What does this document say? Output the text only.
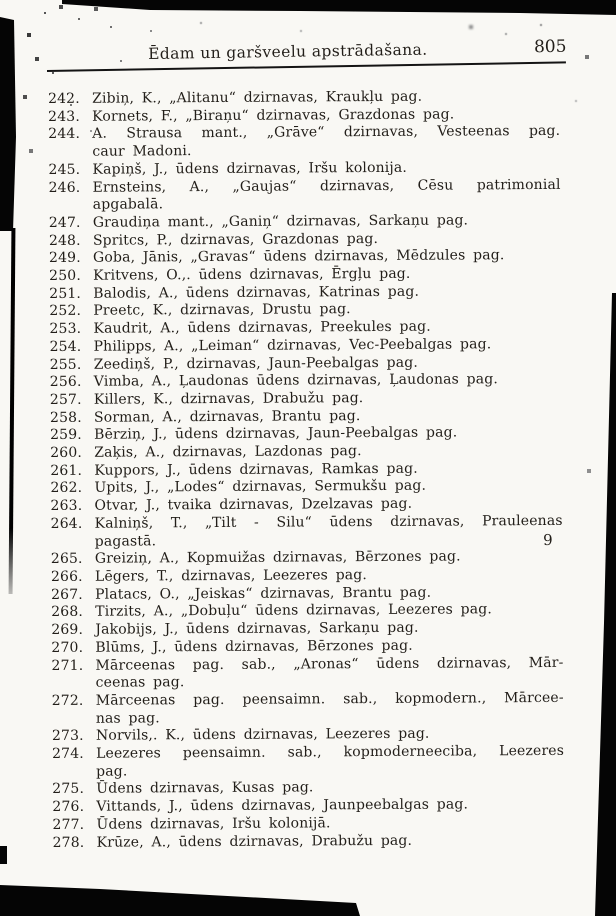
Ēdam un garšveelu apstrādašana.	805
242. Zibiņ, K., „Alitanu“ dzirnavas, Kraukļu pag.
243. Kornets, F., „Biraņu“ dzirnavas, Grazdonas pag.
244. A. Strausa mant., „Grāve“ dzirnavas, Vesteenas pag.
caur Madoni.
245. Kapiņš, J., ūdens dzirnavas, Iršu kolonija.
246. Ernsteins, A., „Gaujas“ dzirnavas, Cēsu patrimonial
apgabalā.
247. Graudiņa mant., „Ganiņ“ dzirnavas, Sarkaņu pag.
248. Spritcs, P., dzirnavas, Grazdonas pag.
249. Goba, Jānis, „Gravas“ ūdens dzirnavas, Mēdzules pag.
250. Kritvens, O.,. ūdens dzirnavas, Ērgļu pag.
251. Balodis, A., ūdens dzirnavas, Katrinas pag.
252. Preetc, K., dzirnavas, Drustu pag.
253. Kaudrit, A., ūdens dzirnavas, Preekules pag.
254. Philipps, A., „Leiman“ dzirnavas, Vec-Peebalgas pag.
255. Zeediņš, P., dzirnavas, Jaun-Peebalgas pag.
256. Vimba, A., Ļaudonas ūdens dzirnavas, Ļaudonas pag.
257. Killers, K., dzirnavas, Drabužu pag.
258. Sorman, A., dzirnavas, Brantu pag.
259. Bērziņ, J., ūdens dzirnavas, Jaun-Peebalgas pag.
260. Zaķis, A., dzirnavas, Lazdonas pag.
261. Kuppors, J., ūdens dzirnavas, Ramkas pag.
262. Upits, J., „Lodes“ dzirnavas, Sermukšu pag.
263. Otvar, J., tvaika dzirnavas, Dzelzavas pag.
264. Kalniņš, T., „Tilt - Silu“ ūdens dzirnavas, Prauleenas
pagastā.	9
265. Greiziņ, A., Kopmuižas dzirnavas, Bērzones pag.
266. Lēgers, T., dzirnavas, Leezeres pag.
267. Platacs, O., „Jeiskas“ dzirnavas, Brantu pag.
268. Tirzits, A., „Dobuļu“ ūdens dzirnavas, Leezeres pag.
269. Jakobijs, J., ūdens dzirnavas, Sarkaņu pag.
270. Blūms, J., ūdens dzirnavas, Bērzones pag.
271. Mārceenas pag. sab., „Aronas“ ūdens dzirnavas, Mār-
ceenas pag.
272. Mārceenas pag. peensaimn. sab., kopmodern., Mārcee-
nas pag.
273. Norvils,. K., ūdens dzirnavas, Leezeres pag.
274. Leezeres peensaimn. sab., kopmoderneeciba, Leezeres
pag.
275. Ūdens dzirnavas, Kusas pag.
276. Vittands, J., ūdens dzirnavas, Jaunpeebalgas pag.
277. Ūdens dzirnavas, Iršu kolonijā.
278. Krūze, A., ūdens dzirnavas, Drabužu pag.
